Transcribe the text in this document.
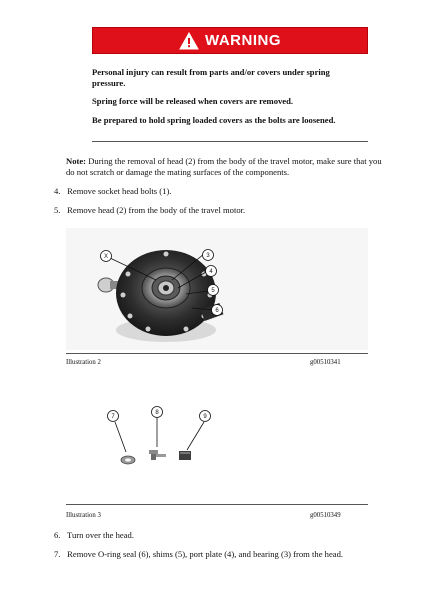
WARNING
Personal injury can result from parts and/or covers under spring
pressure.
Spring force will be released when covers are removed.
Be prepared to hold spring loaded covers as the bolts are loosened.
Note: During the removal of head (2) from the body of the travel motor, make sure that you
do not scratch or damage the mating surfaces of the components.
4. Remove socket head bolts (1).
5. Remove head (2) from the body of the travel motor.
X	3
4
5
6
Illustration 2	g00510341
7
8
9
Illustration 3	g00510349
6. Turn over the head.
7. Remove O-ring seal (6), shims (5), port plate (4), and bearing (3) from the head.
